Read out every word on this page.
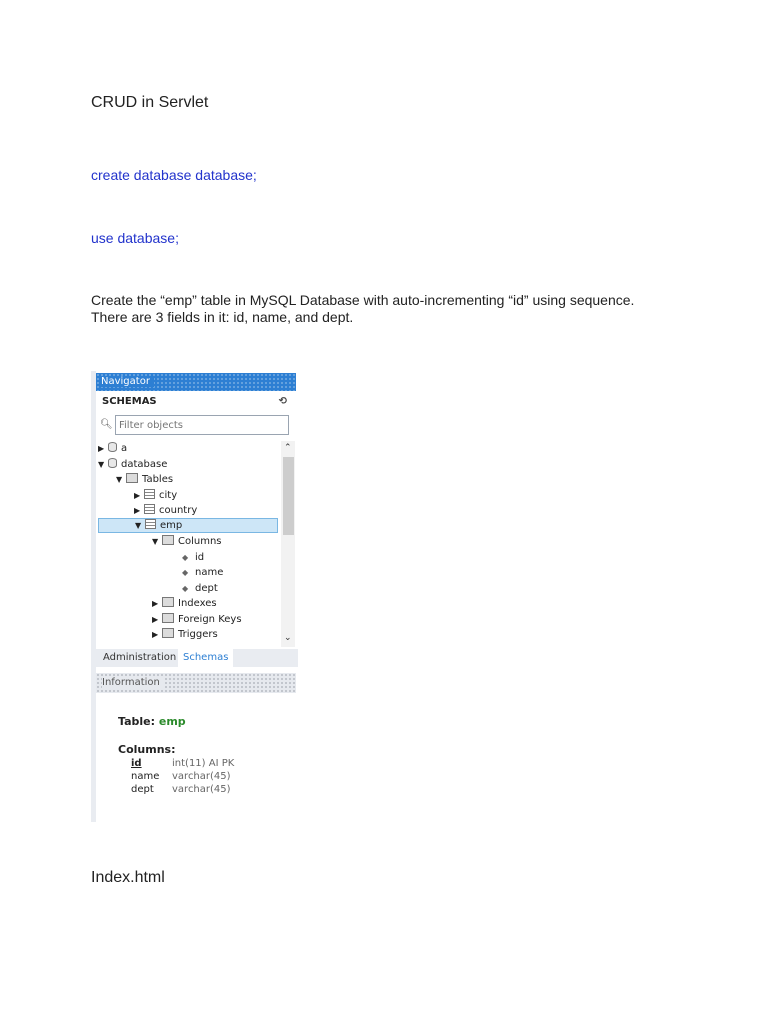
CRUD in Servlet
create database database;
use database;
Create the “emp” table in MySQL Database with auto-incrementing “id” using sequence.
There are 3 fields in it: id, name, and dept.
Navigator
SCHEMAS	⟲
🔍︎
Filter objects
▶ a
▼ database
▼ Tables
▶ city
▶ country
▼ emp
▼ Columns
◆ id
◆ name
◆ dept
▶ Indexes
▶ Foreign Keys
▶ Triggers
⌃
⌄
Administration Schemas
Information
Table: emp
Columns:
id	int(11) AI PK
name varchar(45)
dept varchar(45)
Index.html
